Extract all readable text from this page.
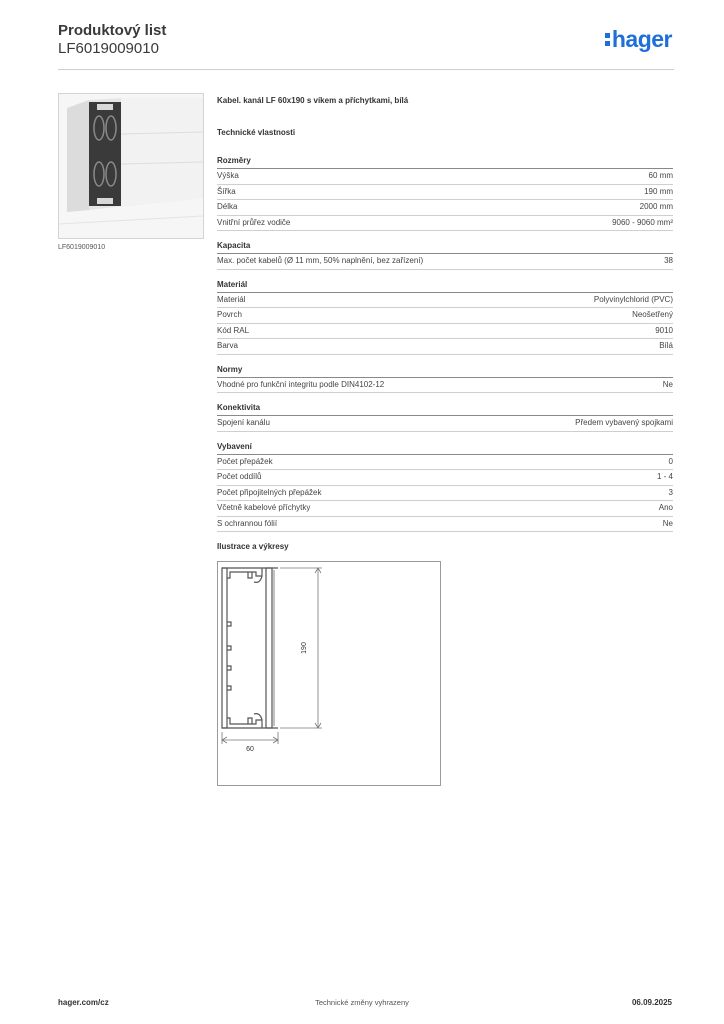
Produktový list
LF6019009010	hager
LF6019009010
Kabel. kanál LF 60x190 s víkem a příchytkami, bílá
Technické vlastnosti
Rozměry
Výška	60 mm
Šířka	190 mm
Délka	2000 mm
Vnitřní průřez vodiče	9060 - 9060 mm²
Kapacita
Max. počet kabelů (Ø 11 mm, 50% naplnění, bez zařízení)	38
Materiál
Materiál	Polyvinylchlorid (PVC)
Povrch	Neošetřený
Kód RAL	9010
Barva	Bílá
Normy
Vhodné pro funkční integritu podle DIN4102-12	Ne
Konektivita
Spojení kanálu	Předem vybavený spojkami
Vybavení
Počet přepážek	0
Počet oddílů	1 - 4
Počet připojitelných přepážek	3
Včetně kabelové příchytky	Ano
S ochrannou fólií	Ne
Ilustrace a výkresy
190
60
hager.com/cz	Technické změny vyhrazeny	06.09.2025
